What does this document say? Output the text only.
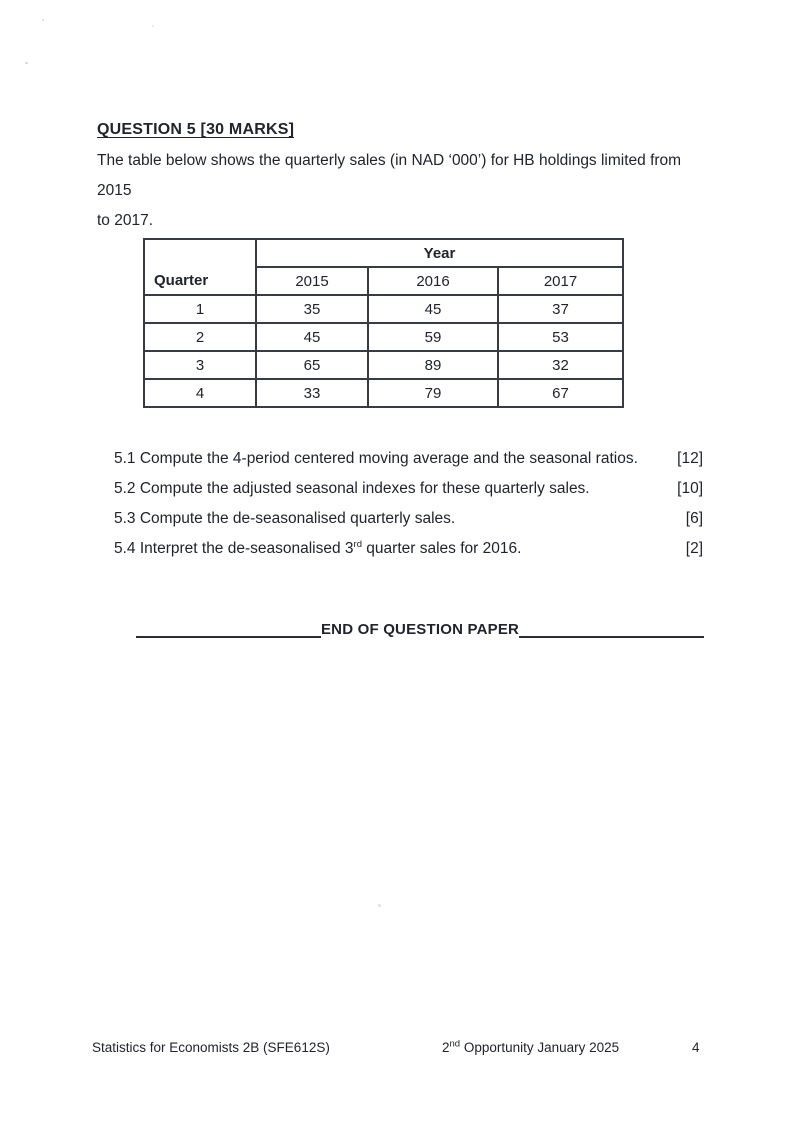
QUESTION 5 [30 MARKS]
The table below shows the quarterly sales (in NAD ‘000’) for HB holdings limited from 2015
to 2017.
Quarter	Year		
	2015	2016	2017
1	35	45	37
2	45	59	53
3	65	89	32
4	33	79	67
5.1 Compute the 4-period centered moving average and the seasonal ratios.	[12]
5.2 Compute the adjusted seasonal indexes for these quarterly sales.	[10]
5.3 Compute the de-seasonalised quarterly sales.	[6]
5.4 Interpret the de-seasonalised 3rd quarter sales for 2016.	[2]
END OF QUESTION PAPER
Statistics for Economists 2B (SFE612S)	2nd Opportunity January 2025	4
